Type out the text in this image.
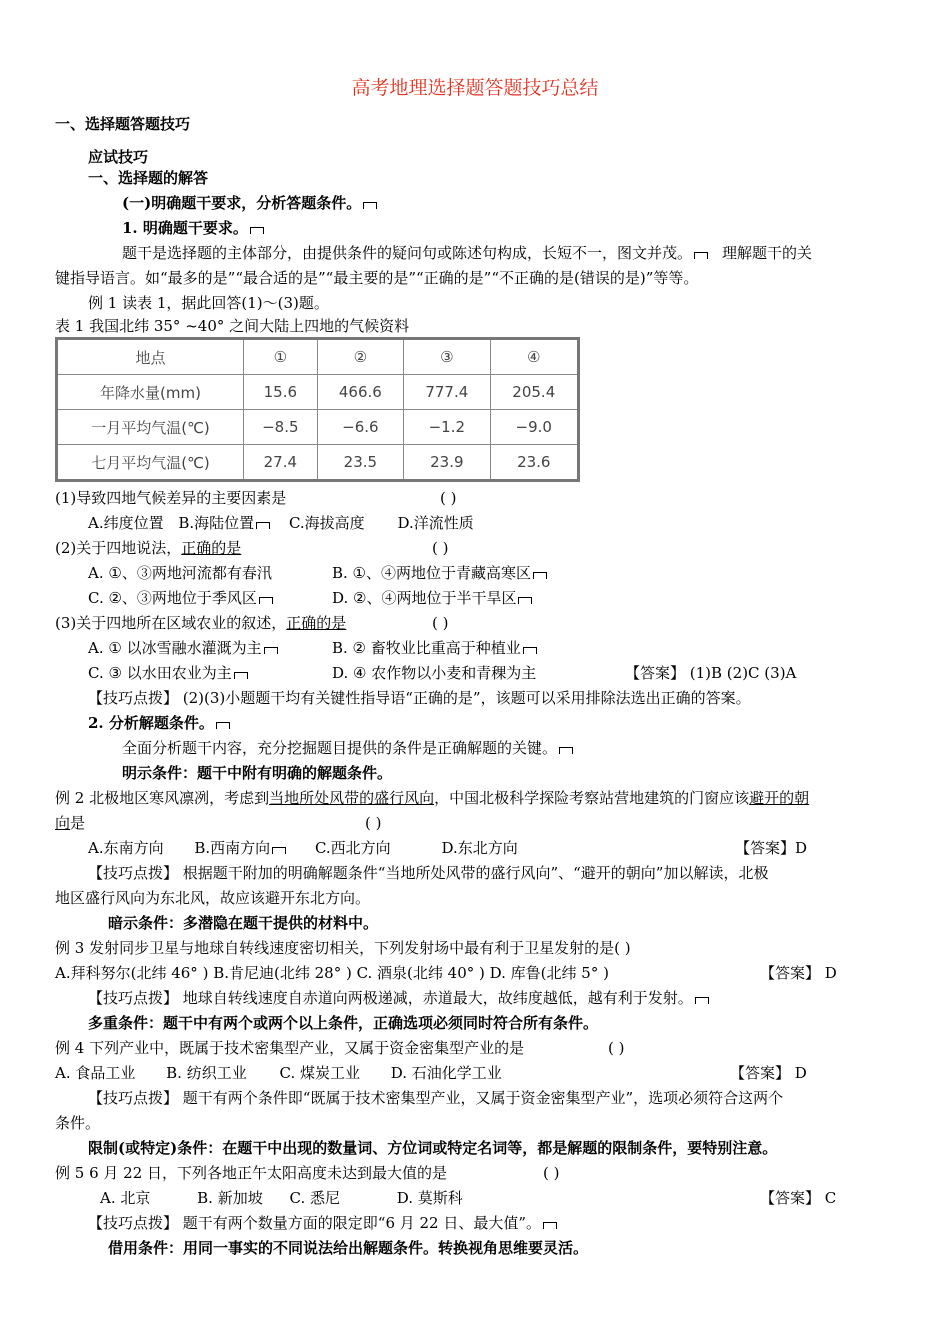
高考地理选择题答题技巧总结
一、选择题答题技巧
应试技巧
一、选择题的解答
(一)明确题干要求，分析答题条件。
1. 明确题干要求。
题干是选择题的主体部分，由提供条件的疑问句或陈述句构成，长短不一，图文并茂。 理解题干的关
键指导语言。如“最多的是”“最合适的是”“最主要的是”“正确的是”“不正确的是(错误的是)”等等。
例 1 读表 1，据此回答(1)～(3)题。
表 1 我国北纬 35° ~40° 之间大陆上四地的气候资料
地点	①	②	③	④
年降水量(mm)	15.6	466.6	777.4	205.4
一月平均气温(℃)	−8.5	−6.6	−1.2	−9.0
七月平均气温(℃)	27.4	23.5	23.9	23.6
(1)导致四地气候差异的主要因素是	( )
A.纬度位置 B.海陆位置 C.海拔高度 D.洋流性质
(2)关于四地说法，正确的是	( )
A. ①、③两地河流都有春汛	B. ①、④两地位于青藏高寒区
C. ②、③两地位于季风区	D. ②、④两地位于半干旱区
(3)关于四地所在区域农业的叙述，正确的是	( )
A. ① 以冰雪融水灌溉为主	B. ② 畜牧业比重高于种植业
C. ③ 以水田农业为主	D. ④ 农作物以小麦和青稞为主	【答案】 (1)B (2)C (3)A
【技巧点拨】 (2)(3)小题题干均有关键性指导语“正确的是”，该题可以采用排除法选出正确的答案。
2. 分析解题条件。
全面分析题干内容，充分挖掘题目提供的条件是正确解题的关键。
明示条件：题干中附有明确的解题条件。
例 2 北极地区寒风凛冽，考虑到当地所处风带的盛行风向，中国北极科学探险考察站营地建筑的门窗应该避开的朝
向是	( )
A.东南方向 B.西南方向	C.西北方向	D.东北方向	【答案】D
【技巧点拨】 根据题干附加的明确解题条件“当地所处风带的盛行风向”、“避开的朝向”加以解读，北极
地区盛行风向为东北风，故应该避开东北方向。
暗示条件：多潜隐在题干提供的材料中。
例 3 发射同步卫星与地球自转线速度密切相关，下列发射场中最有利于卫星发射的是( )
A.拜科努尔(北纬 46° ) B.肯尼迪(北纬 28° ) C. 酒泉(北纬 40° ) D. 库鲁(北纬 5° )	【答案】 D
【技巧点拨】 地球自转线速度自赤道向两极递减，赤道最大，故纬度越低，越有利于发射。
多重条件：题干中有两个或两个以上条件，正确选项必须同时符合所有条件。
例 4 下列产业中，既属于技术密集型产业，又属于资金密集型产业的是	( )
A. 食品工业 B. 纺织工业 C. 煤炭工业 D. 石油化学工业	【答案】 D
【技巧点拨】 题干有两个条件即“既属于技术密集型产业，又属于资金密集型产业”，选项必须符合这两个
条件。
限制(或特定)条件：在题干中出现的数量词、方位词或特定名词等，都是解题的限制条件，要特别注意。
例 5 6 月 22 日，下列各地正午太阳高度未达到最大值的是	( )
A. 北京	B. 新加坡 C. 悉尼	D. 莫斯科	【答案】 C
【技巧点拨】 题干有两个数量方面的限定即“6 月 22 日、最大值”。
借用条件：用同一事实的不同说法给出解题条件。转换视角思维要灵活。
